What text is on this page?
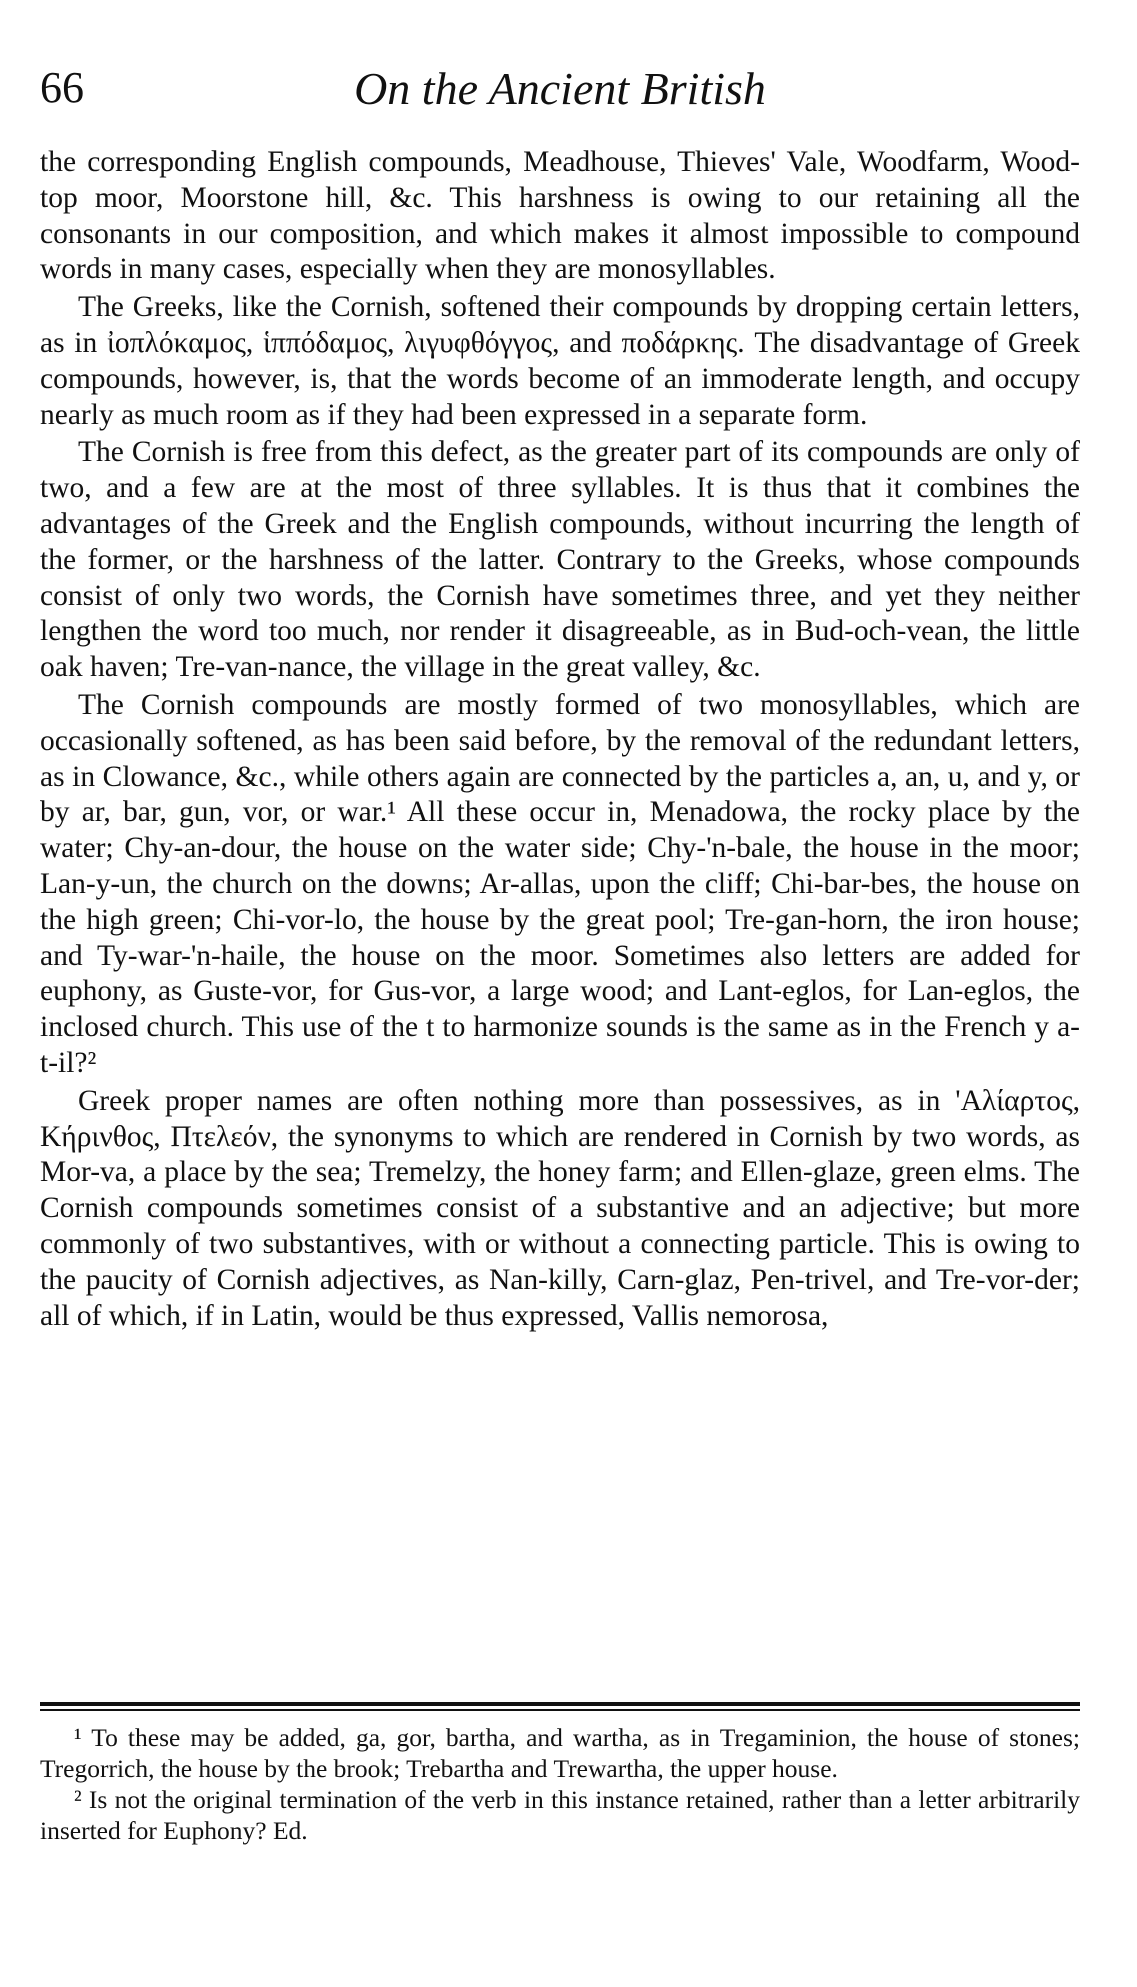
66	On the Ancient British

the corresponding English compounds, Meadhouse, Thieves' Vale, Woodfarm, Wood-top moor, Moorstone hill, &c. This harshness is owing to our retaining all the consonants in our composition, and which makes it almost impossible to compound words in many cases, especially when they are monosyllables.

The Greeks, like the Cornish, softened their compounds by dropping certain letters, as in ἰοπλόκαμος, ἱππόδαμος, λιγυφθόγγος, and ποδάρκης. The disadvantage of Greek compounds, however, is, that the words become of an immoderate length, and occupy nearly as much room as if they had been expressed in a separate form.

The Cornish is free from this defect, as the greater part of its compounds are only of two, and a few are at the most of three syllables. It is thus that it combines the advantages of the Greek and the English compounds, without incurring the length of the former, or the harshness of the latter. Contrary to the Greeks, whose compounds consist of only two words, the Cornish have sometimes three, and yet they neither lengthen the word too much, nor render it disagreeable, as in Bud-och-vean, the little oak haven; Tre-van-nance, the village in the great valley, &c.

The Cornish compounds are mostly formed of two monosyllables, which are occasionally softened, as has been said before, by the removal of the redundant letters, as in Clowance, &c., while others again are connected by the particles a, an, u, and y, or by ar, bar, gun, vor, or war.¹ All these occur in, Menadowa, the rocky place by the water; Chy-an-dour, the house on the water side; Chy-'n-bale, the house in the moor; Lan-y-un, the church on the downs; Ar-allas, upon the cliff; Chi-bar-bes, the house on the high green; Chi-vor-lo, the house by the great pool; Tre-gan-horn, the iron house; and Ty-war-'n-haile, the house on the moor. Sometimes also letters are added for euphony, as Guste-vor, for Gus-vor, a large wood; and Lant-eglos, for Lan-eglos, the inclosed church. This use of the t to harmonize sounds is the same as in the French y a-t-il?²

Greek proper names are often nothing more than possessives, as in 'Αλίαρτος, Κήρινθος, Πτελεόν, the synonyms to which are rendered in Cornish by two words, as Mor-va, a place by the sea; Tremelzy, the honey farm; and Ellen-glaze, green elms. The Cornish compounds sometimes consist of a substantive and an adjective; but more commonly of two substantives, with or without a connecting particle. This is owing to the paucity of Cornish adjectives, as Nan-killy, Carn-glaz, Pen-trivel, and Tre-vor-der; all of which, if in Latin, would be thus expressed, Vallis nemorosa,

¹ To these may be added, ga, gor, bartha, and wartha, as in Tregaminion, the house of stones; Tregorrich, the house by the brook; Trebartha and Trewartha, the upper house.

² Is not the original termination of the verb in this instance retained, rather than a letter arbitrarily inserted for Euphony? Ed.
